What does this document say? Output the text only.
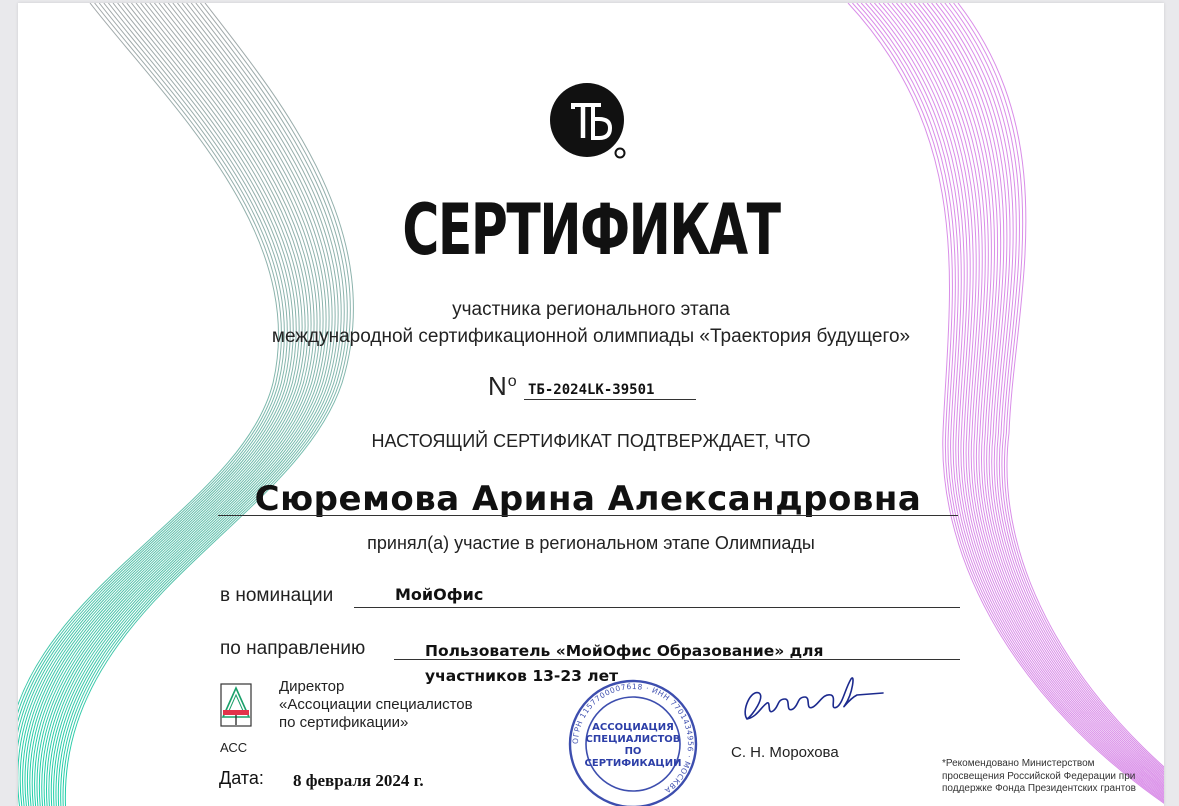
СЕРТИФИКАТ
участника регионального этапа
международной сертификационной олимпиады «Траектория будущего»
$N^o$ ТБ-2024LK-39501
НАСТОЯЩИЙ СЕРТИФИКАТ ПОДТВЕРЖДАЕТ, ЧТО
Сюремова Арина Александровна
принял(а) участие в региональном этапе Олимпиады
в номинации	МойОфис
по направлению	Пользователь «МойОфис Образование» для участников 13-23 лет
АСС
Директор
«Ассоциации специалистов
по сертификации»
Дата: 8 февраля 2024 г.
ОГРН 1157700007618 · ИНН 7701434956 · МОСКВА
АССОЦИАЦИЯ
СПЕЦИАЛИСТОВ
ПО
СЕРТИФИКАЦИИ
С. Н. Морохова
*Рекомендовано Министерством просвещения Российской Федерации при поддержке Фонда Президентских грантов
